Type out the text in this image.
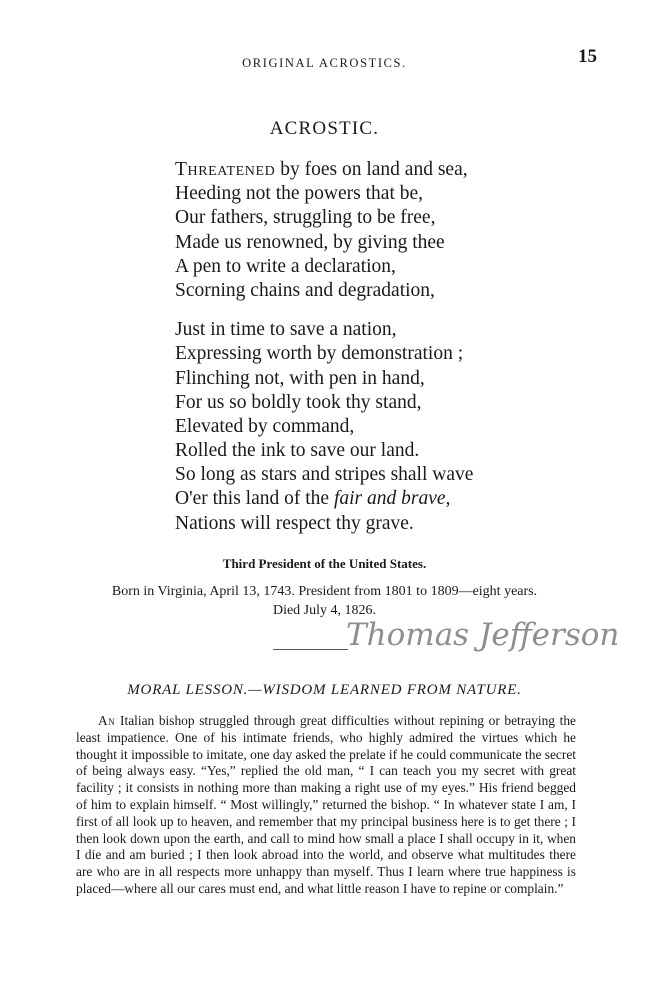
ORIGINAL ACROSTICS.	15
ACROSTIC.
Threatened by foes on land and sea,
Heeding not the powers that be,
Our fathers, struggling to be free,
Made us renowned, by giving thee
A pen to write a declaration,
Scorning chains and degradation,
Just in time to save a nation,
Expressing worth by demonstration ;
Flinching not, with pen in hand,
For us so boldly took thy stand,
Elevated by command,
Rolled the ink to save our land.
So long as stars and stripes shall wave
O'er this land of the fair and brave,
Nations will respect thy grave.
Third President of the United States.
Born in Virginia, April 13, 1743. President from 1801 to 1809—eight years.
Died July 4, 1826.
Thomas Jefferson
MORAL LESSON.—WISDOM LEARNED FROM NATURE.

An Italian bishop struggled through great difficulties without repining or betraying the least impatience. One of his intimate friends, who highly admired the virtues which he thought it impossible to imitate, one day asked the prelate if he could communicate the secret of being always easy. “Yes,” replied the old man, “ I can teach you my secret with great facility ; it consists in nothing more than making a right use of my eyes.” His friend begged of him to explain himself. “ Most willingly,” returned the bishop. “ In whatever state I am, I first of all look up to heaven, and remember that my principal business here is to get there ; I then look down upon the earth, and call to mind how small a place I shall occupy in it, when I die and am buried ; I then look abroad into the world, and observe what multitudes there are who are in all respects more unhappy than myself. Thus I learn where true happiness is placed—where all our cares must end, and what little reason I have to repine or complain.”
